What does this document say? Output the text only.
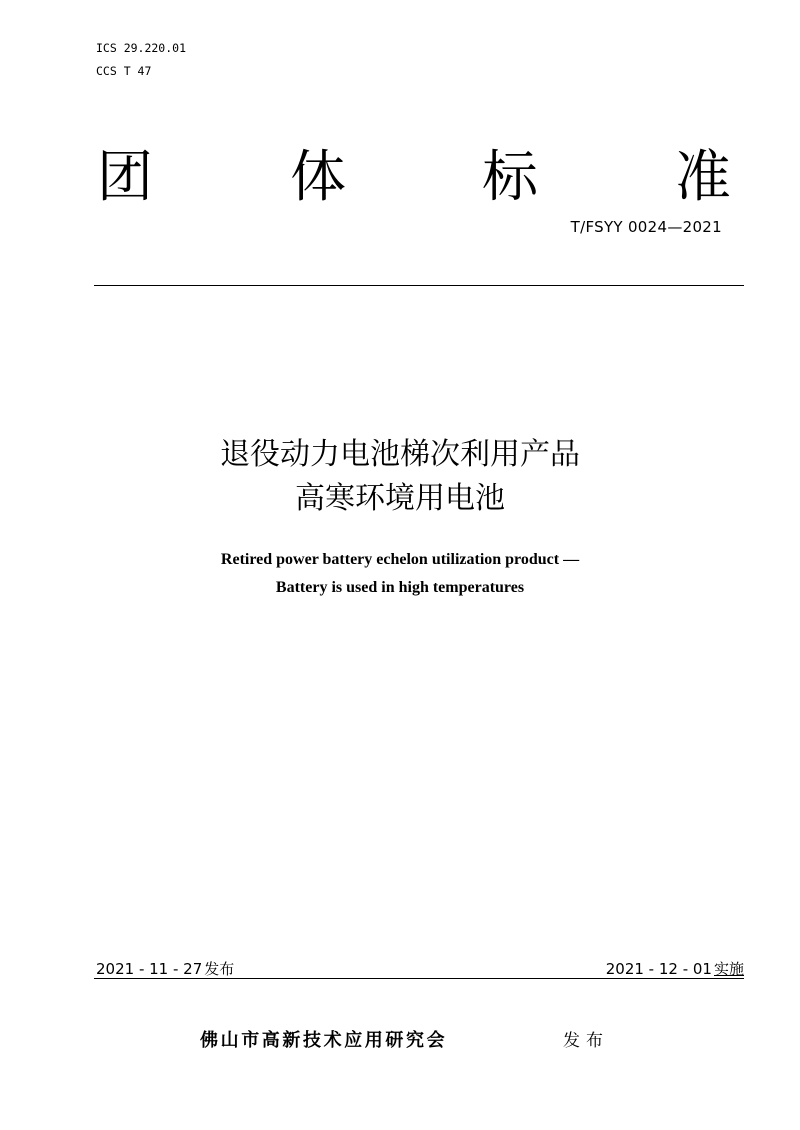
ICS 29.220.01
CCS T 47
团 体 标 准
T/FSYY 0024—2021
退役动力电池梯次利用产品
高寒环境用电池
Retired power battery echelon utilization product —
Battery is used in high temperatures
2021 - 11 - 27 发布	2021 - 12 - 01 实施
佛山市高新技术应用研究会	发布
